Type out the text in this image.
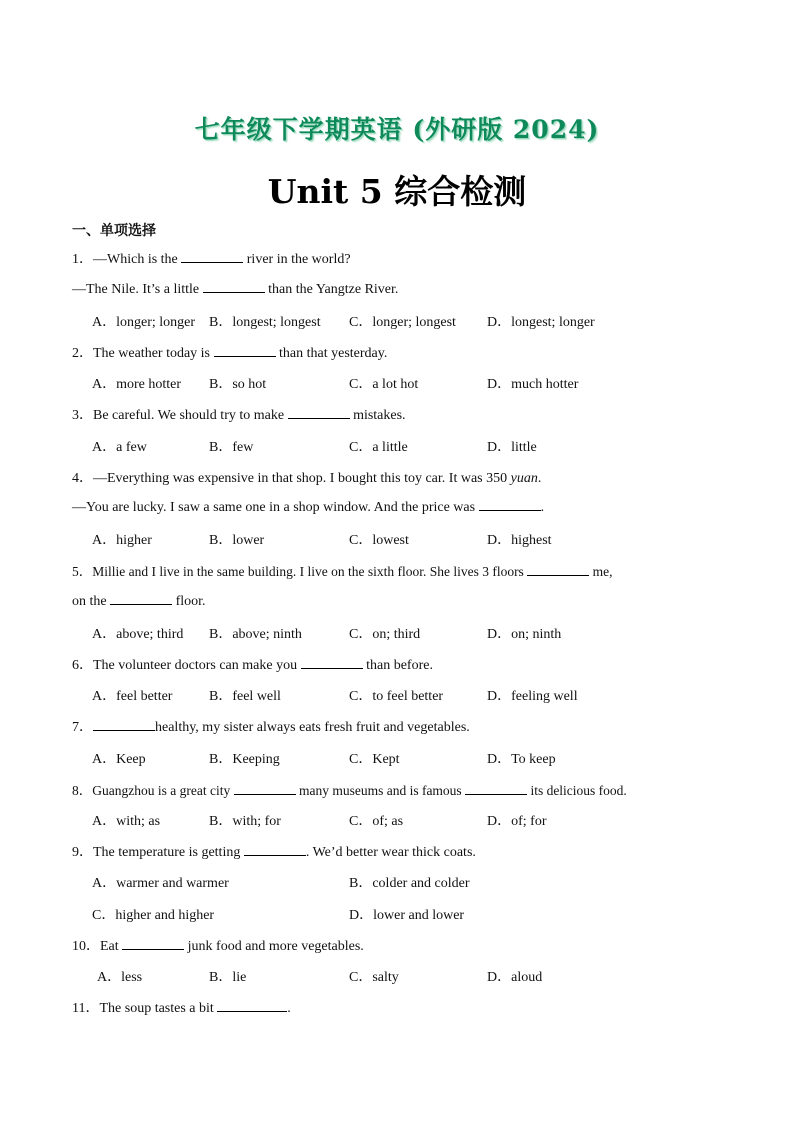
七年级下学期英语 (外研版 2024)
Unit 5 综合检测
一、单项选择
1．—Which is the	river in the world?
—The Nile. It’s a little	than the Yangtze River.
A．longer; longer B．longest; longest C．longer; longest D．longest; longer
2．The weather today is	than that yesterday.
A．more hotter B．so hot	C．a lot hot	D．much hotter
3．Be careful. We should try to make	mistakes.
A．a few	B．few	C．a little	D．little
4．—Everything was expensive in that shop. I bought this toy car. It was 350 yuan.
—You are lucky. I saw a same one in a shop window. And the price was	.
A．higher	B．lower	C．lowest	D．highest
5．Millie and I live in the same building. I live on the sixth floor. She lives 3 floors	me,
on the	floor.
A．above; third B．above; ninth	C．on; third	D．on; ninth
6．The volunteer doctors can make you	than before.
A．feel better	B．feel well	C．to feel better	D．feeling well
7．	healthy, my sister always eats fresh fruit and vegetables.
A．Keep	B．Keeping	C．Kept	D．To keep
8．Guangzhou is a great city	many museums and is famous	its delicious food.
A．with; as	B．with; for	C．of; as	D．of; for
9．The temperature is getting	. We’d better wear thick coats.
A．warmer and warmer	B．colder and colder
C．higher and higher	D．lower and lower
10．Eat	junk food and more vegetables.
A．less	B．lie	C．salty	D．aloud
11．The soup tastes a bit	.
